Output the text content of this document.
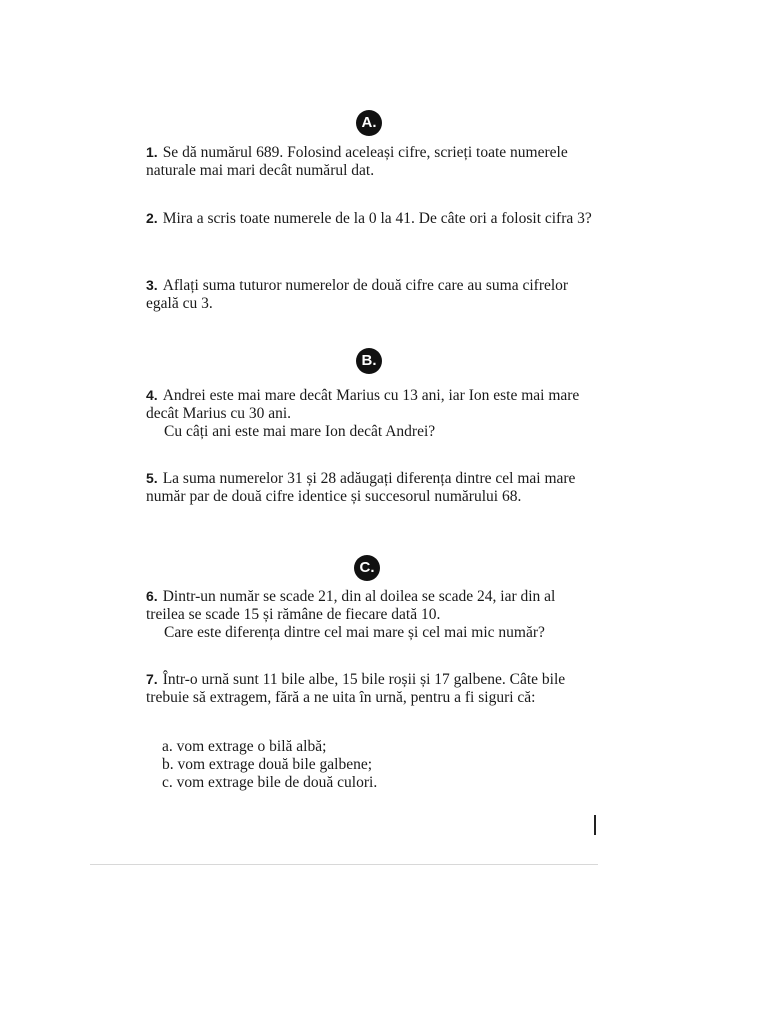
A.
1. Se dă numărul 689. Folosind aceleași cifre, scrieți toate numerele naturale mai mari decât numărul dat.
2. Mira a scris toate numerele de la 0 la 41. De câte ori a folosit cifra 3?
3. Aflați suma tuturor numerelor de două cifre care au suma cifrelor egală cu 3.
B.
4. Andrei este mai mare decât Marius cu 13 ani, iar Ion este mai mare decât Marius cu 30 ani.
Cu câți ani este mai mare Ion decât Andrei?
5. La suma numerelor 31 și 28 adăugați diferența dintre cel mai mare număr par de două cifre identice și succesorul numărului 68.
C.
6. Dintr-un număr se scade 21, din al doilea se scade 24, iar din al treilea se scade 15 și rămâne de fiecare dată 10.
Care este diferența dintre cel mai mare și cel mai mic număr?
7. Într-o urnă sunt 11 bile albe, 15 bile roșii și 17 galbene. Câte bile trebuie să extragem, fără a ne uita în urnă, pentru a fi siguri că:
a. vom extrage o bilă albă;
b. vom extrage două bile galbene;
c. vom extrage bile de două culori.
